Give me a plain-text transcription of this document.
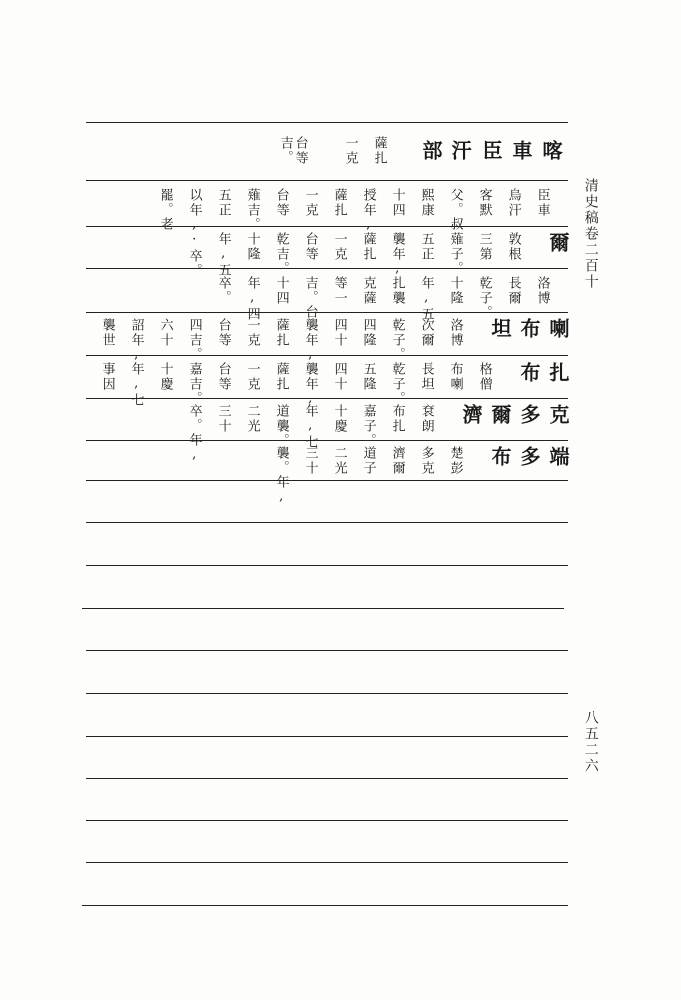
喀
車
臣
汗
部
扎
薩
克
一
等
台
吉。
車
臣
汗
烏
默
客
叔
父。
康
熙
四
十
年,
授
扎
薩
克
一
等
台
吉。
薙
正
五
年,
以
老
罷。
爾
根
敦
第
三
子。
薙
正
五
年,
襲
扎
薩
克
一
等
台
吉。
乾
隆
十
五
年,
卒。
·
博
洛
爾
長
子。
乾
隆
十
五
年,
襲
扎
薩
克
一
等
台
吉。
四
十
四
年,
卒。
喇
布
坦
博
洛
爾
次
子。
乾
隆
四
十
四
年,
襲
扎
薩
克
一
等
台
吉。
四
十
六
年,
詔
世
襲
扎
布
僧
格
喇
布
坦
長
子。
乾
隆
五
十
四
年,
襲
扎
薩
克
一
等
台
吉。
嘉
慶
十
七
年,
因
事
克
多
爾
濟
朗
袞
扎
布
子。
嘉
慶
十
七
年,
襲。
道
光
二
十
三
年,
卒。
端
多
布
彭
楚
克
多
爾
濟
子
道
光
二
十
三
年,
襲。
清史稿卷二百十
八五二六
